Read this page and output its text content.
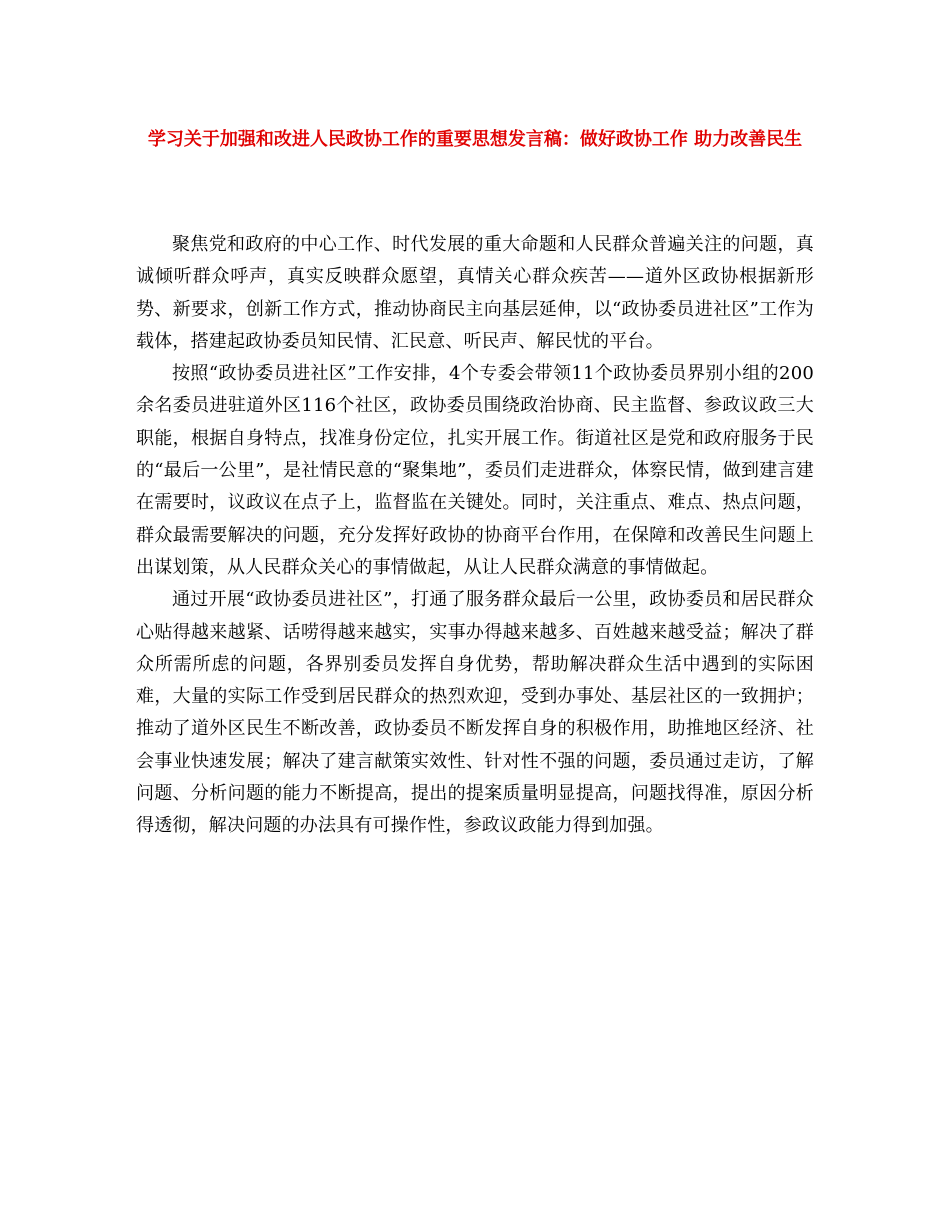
学习关于加强和改进人民政协工作的重要思想发言稿：做好政协工作 助力改善民生

聚焦党和政府的中心工作、时代发展的重大命题和人民群众普遍关注的问题，真诚倾听群众呼声，真实反映群众愿望，真情关心群众疾苦——道外区政协根据新形势、新要求，创新工作方式，推动协商民主向基层延伸，以“政协委员进社区”工作为载体，搭建起政协委员知民情、汇民意、听民声、解民忧的平台。

按照“政协委员进社区”工作安排，4个专委会带领11个政协委员界别小组的200余名委员进驻道外区116个社区，政协委员围绕政治协商、民主监督、参政议政三大职能，根据自身特点，找准身份定位，扎实开展工作。街道社区是党和政府服务于民的“最后一公里”，是社情民意的“聚集地”，委员们走进群众，体察民情，做到建言建在需要时，议政议在点子上，监督监在关键处。同时，关注重点、难点、热点问题，群众最需要解决的问题，充分发挥好政协的协商平台作用，在保障和改善民生问题上出谋划策，从人民群众关心的事情做起，从让人民群众满意的事情做起。

通过开展“政协委员进社区”，打通了服务群众最后一公里，政协委员和居民群众心贴得越来越紧、话唠得越来越实，实事办得越来越多、百姓越来越受益；解决了群众所需所虑的问题，各界别委员发挥自身优势，帮助解决群众生活中遇到的实际困难，大量的实际工作受到居民群众的热烈欢迎，受到办事处、基层社区的一致拥护；推动了道外区民生不断改善，政协委员不断发挥自身的积极作用，助推地区经济、社会事业快速发展；解决了建言献策实效性、针对性不强的问题，委员通过走访，了解问题、分析问题的能力不断提高，提出的提案质量明显提高，问题找得准，原因分析得透彻，解决问题的办法具有可操作性，参政议政能力得到加强。
